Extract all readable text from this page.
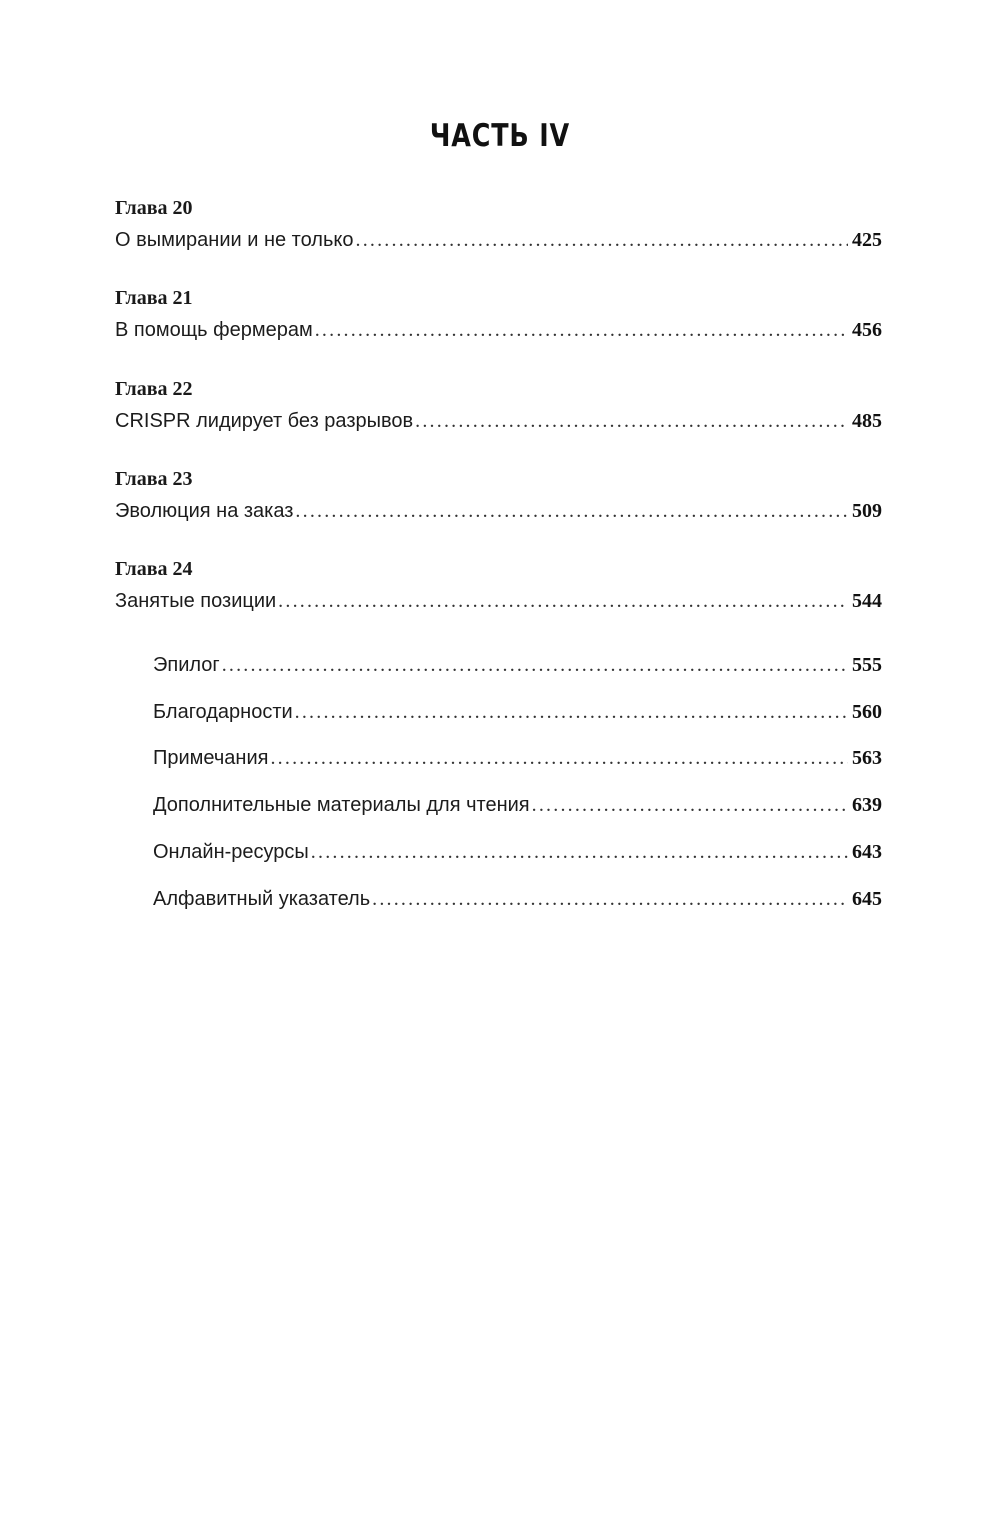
ЧАСТЬ IV
Глава 20
О вымирании и не только .....	425
Глава 21
В помощь фермерам .....	456
Глава 22
CRISPR лидирует без разрывов .....	485
Глава 23
Эволюция на заказ .....	509
Глава 24
Занятые позиции .....	544
Эпилог .....	555
Благодарности .....	560
Примечания .....	563
Дополнительные материалы для чтения .....	639
Онлайн-ресурсы .....	643
Алфавитный указатель .....	645
